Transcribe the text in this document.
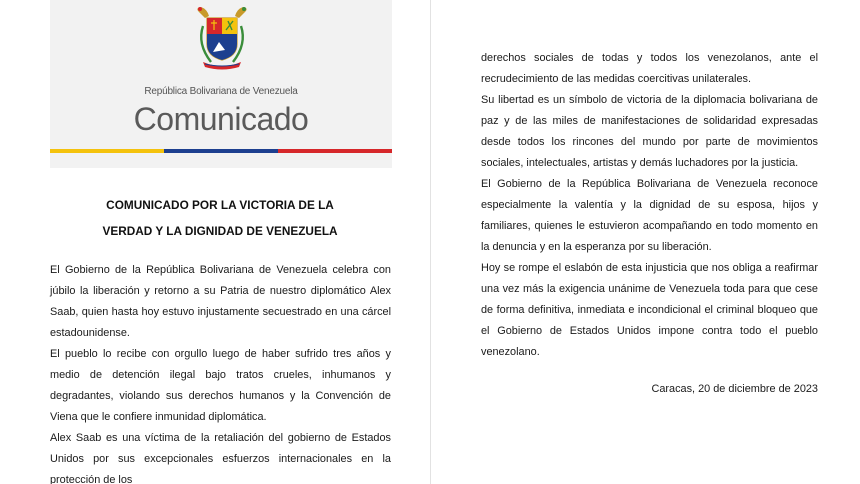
República Bolivariana de Venezuela
Comunicado
COMUNICADO POR LA VICTORIA DE LA
VERDAD Y LA DIGNIDAD DE VENEZUELA

El Gobierno de la República Bolivariana de Venezuela celebra con júbilo la liberación y retorno a su Patria de nuestro diplomático Alex Saab, quien hasta hoy estuvo injustamente secuestrado en una cárcel estadounidense.

El pueblo lo recibe con orgullo luego de haber sufrido tres años y medio de detención ilegal bajo tratos crueles, inhumanos y degradantes, violando sus derechos humanos y la Convención de Viena que le confiere inmunidad diplomática.

Alex Saab es una víctima de la retaliación del gobierno de Estados Unidos por sus excepcionales esfuerzos internacionales en la protección de los

derechos sociales de todas y todos los venezolanos, ante el recrudecimiento de las medidas coercitivas unilaterales.

Su libertad es un símbolo de victoria de la diplomacia bolivariana de paz y de las miles de manifestaciones de solidaridad expresadas desde todos los rincones del mundo por parte de movimientos sociales, intelectuales, artistas y demás luchadores por la justicia.

El Gobierno de la República Bolivariana de Venezuela reconoce especialmente la valentía y la dignidad de su esposa, hijos y familiares, quienes le estuvieron acompañando en todo momento en la denuncia y en la esperanza por su liberación.

Hoy se rompe el eslabón de esta injusticia que nos obliga a reafirmar una vez más la exigencia unánime de Venezuela toda para que cese de forma definitiva, inmediata e incondicional el criminal bloqueo que el Gobierno de Estados Unidos impone contra todo el pueblo venezolano.

Caracas, 20 de diciembre de 2023
